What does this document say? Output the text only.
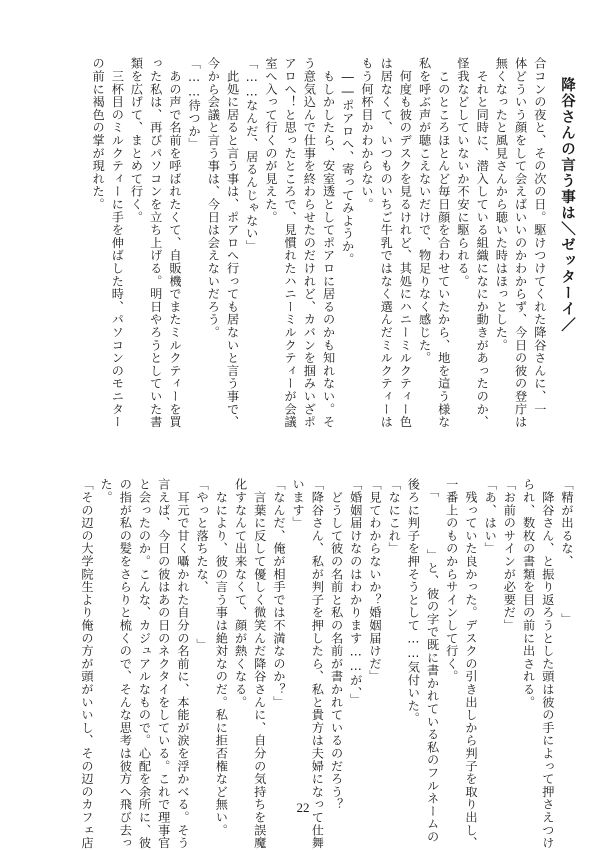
降谷さんの言う事は＼ゼッターイ／

合コンの夜と、その次の日。駆けつけてくれた降谷さんに、一

体どういう顔をして会えばいいのかわからず、今日の彼の登庁は

無くなったと風見さんから聴いた時はほっとした。

　それと同時に、潜入している組織になにか動きがあったのか、

怪我などしていないか不安に駆られる。

　このところほとんど毎日顔を合わせていたから、地を這う様な

私を呼ぶ声が聴こえないだけで、物足りなく感じた。

　何度も彼のデスクを見るけれど、其処にハニーミルクティー色

は居なくて、いつものいちご牛乳ではなく選んだミルクティーは

もう何杯目かわからない。

　――ポアロへ、寄ってみようか。

　もしかしたら、安室透としてポアロに居るのかも知れない。そ

う意気込んで仕事を終わらせたのだけれど、カバンを掴みいざポ

アロへ！と思ったところで、見慣れたハニーミルクティーが会議

室へ入って行くのが見えた。

「……なんだ、居るんじゃない」

　此処に居ると言う事は、ポアロへ行っても居ないと言う事で、

今から会議と言う事は、今日は会えないだろう。

「……待つか」

　あの声で名前を呼ばれたくて、自販機でまたミルクティーを買

った私は、再びパソコンを立ち上げる。明日やろうとしていた書

類を広げて、まとめて行く。

　三杯目のミルクティーに手を伸ばした時、パソコンのモニター

の前に褐色の掌が現れた。

「精が出るな、　　　　」

　降谷さん、と振り返ろうとした頭は彼の手によって押さえつけ

られ、数枚の書類を目の前に出される。

「お前のサインが必要だ」

「あ、はい」

　残っていた良かった。デスクの引き出しから判子を取り出し、

一番上のものからサインして行く。

　「　　　　」と、彼の字で既に書かれている私のフルネームの

後ろに判子を押そうとして……気付いた。

「なにこれ」

「見てわからないか？婚姻届けだ」

「婚姻届けなのはわかります……が、」

　どうして彼の名前と私の名前が書かれているのだろう？

「降谷さん、私が判子を押したら、私と貴方は夫婦になって仕舞

います」

「なんだ、俺が相手では不満なのか？」

　言葉に反して優しく微笑んだ降谷さんに、自分の気持ちを誤魔

化すなんて出来なくて、顔が熱くなる。

　なにより、彼の言う事は絶対なのだ。私に拒否権など無い。

「やっと落ちたな、　　　　」

　耳元で甘く囁かれた自分の名前に、本能が涙を浮かべる。そう

言えば、今日の彼はあの日のネクタイをしている。これで理事官

と会ったのか。こんな、カジュアルなもので。心配を余所に、彼

の指が私の髪をさらりと梳くので、そんな思考は彼方へ飛び去っ

た。

「その辺の大学院生より俺の方が頭がいいし、その辺のカフェ店	22
